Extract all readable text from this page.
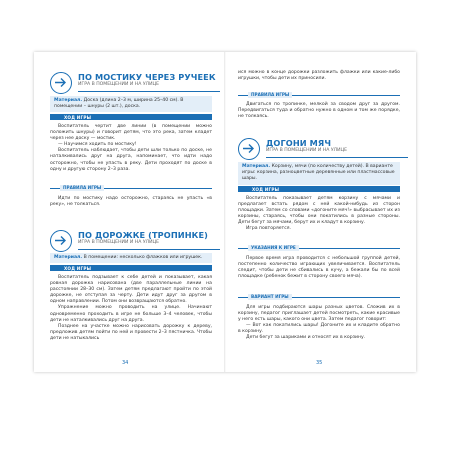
ПО МОСТИКУ ЧЕРЕЗ РУЧЕЕК
ИГРА В ПОМЕЩЕНИИ И НА УЛИЦЕ
Материал. Доска (длина 2–3 м, ширина 25–40 см). В помещении – шнуры (2 шт.), доска.
ХОД ИГРЫ

Воспитатель чертит две линии (в помещении можно положить шнуры) и говорит детям, что это река, затем кладет через нее доску — мостик.

— Научимся ходить по мостику!

Воспитатель наблюдает, чтобы дети шли только по доске, не наталкивались друг на друга, напоминает, что идти надо осторожно, чтобы не упасть в реку. Дети проходят по доске в одну и другую сторону 2–3 раза.

ПРАВИЛА ИГРЫ

Идти по мостику надо осторожно, стараясь не упасть «в реку», не толкаться.

ПО ДОРОЖКЕ (ТРОПИНКЕ)
ИГРА В ПОМЕЩЕНИИ И НА УЛИЦЕ
Материал. В помещении: несколько флажков или игрушек.
ХОД ИГРЫ

Воспитатель подзывает к себе детей и показывает, какая ровная дорожка нарисована (две параллельные линии на расстоянии 28–30 см). Затем детям предлагают пройти по этой дорожке, не отступая за черту. Дети идут друг за другом в одном направлении. Потом они возвращаются обратно.

Упражнение можно проводить на улице. Начинают одновременно проходить в игре не больше 3–4 человек, чтобы дети не наталкивались друг на друга.

Позднее на участке можно нарисовать дорожку к дереву, предложив детям пойти по ней и провести 2–3 пястничка. Чтобы дети не натыкались

34

ися можно в конце дорожки разложить флажки или какие-либо игрушки, чтобы дети их приносили.

ПРАВИЛА ИГРЫ

Двигаться по тропинке, мелкой за сводом друг за другом. Передвигаться туда и обратно нужно в одном и том же порядке, не толкаясь.

ДОГОНИ МЯЧ
ИГРА В ПОМЕЩЕНИИ И НА УЛИЦЕ
Материал. Корзину, мячи (по количеству детей). В варианте игры: корзина, разноцветные деревянные или пластмассовые шары.
ХОД ИГРЫ

Воспитатель показывает детям корзину с мячами и предлагает встать рядом с ней какой-нибудь из сторон площадки. Затем со словами «догоните мяч!» выбрасывает их из корзины, стараясь, чтобы они покатились в разные стороны. Дети бегут за мячами, берут их и кладут в корзину.

Игра повторяется.

УКАЗАНИЯ К ИГРЕ

Первое время игра проводится с небольшой группой детей, постепенно количество играющих увеличивается. Воспитатель следит, чтобы дети не сбивались в кучу, а бежали бы по всей площадке (ребенок бежит в сторону своего мяча).

ВАРИАНТ ИГРЫ

Для игры подбираются шары разных цветов. Сложив их в корзину, педагог приглашает детей посмотреть, какие красивые у него есть шары, какого они цвета. Затем педагог говорит:

— Вот как покатились шары! Догоните их и кладите обратно в корзину.

Дети бегут за шариками и относят их в корзину.

35
